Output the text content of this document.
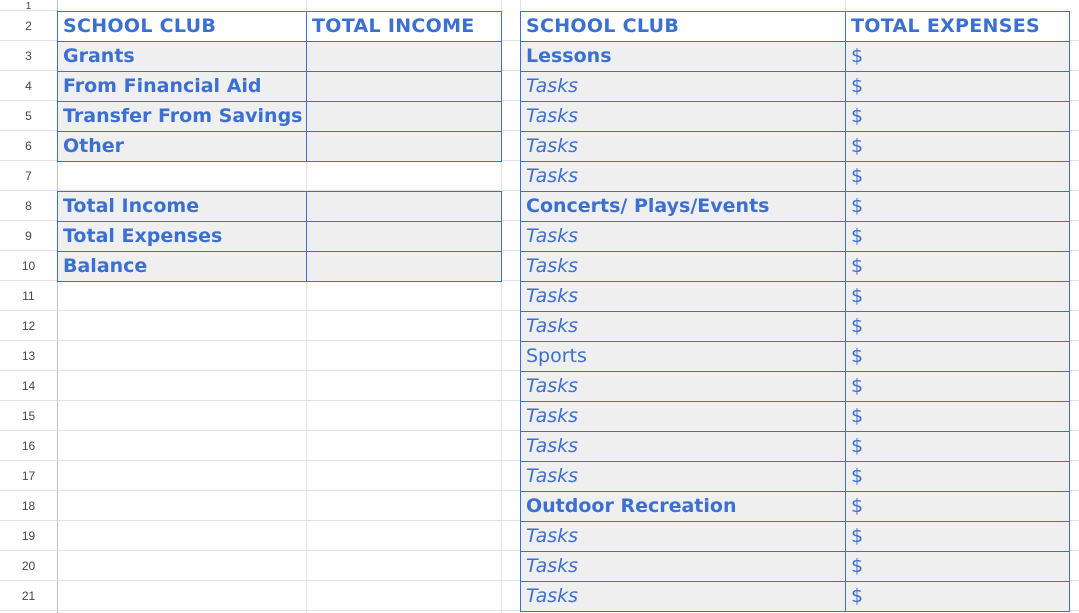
1
2
3
4
5
6
7
8
9
10
11
12
13
14
15
16
17
18
19
20
21
SCHOOL CLUB	TOTAL INCOME
Grants
From Financial Aid
Transfer From Savings
Other
Total Income
Total Expenses
Balance
SCHOOL CLUB	TOTAL EXPENSES
Lessons	$
Tasks	$
Tasks	$
Tasks	$
Tasks	$
Concerts/ Plays/Events	$
Tasks	$
Tasks	$
Tasks	$
Tasks	$
Sports	$
Tasks	$
Tasks	$
Tasks	$
Tasks	$
Outdoor Recreation	$
Tasks	$
Tasks	$
Tasks	$
